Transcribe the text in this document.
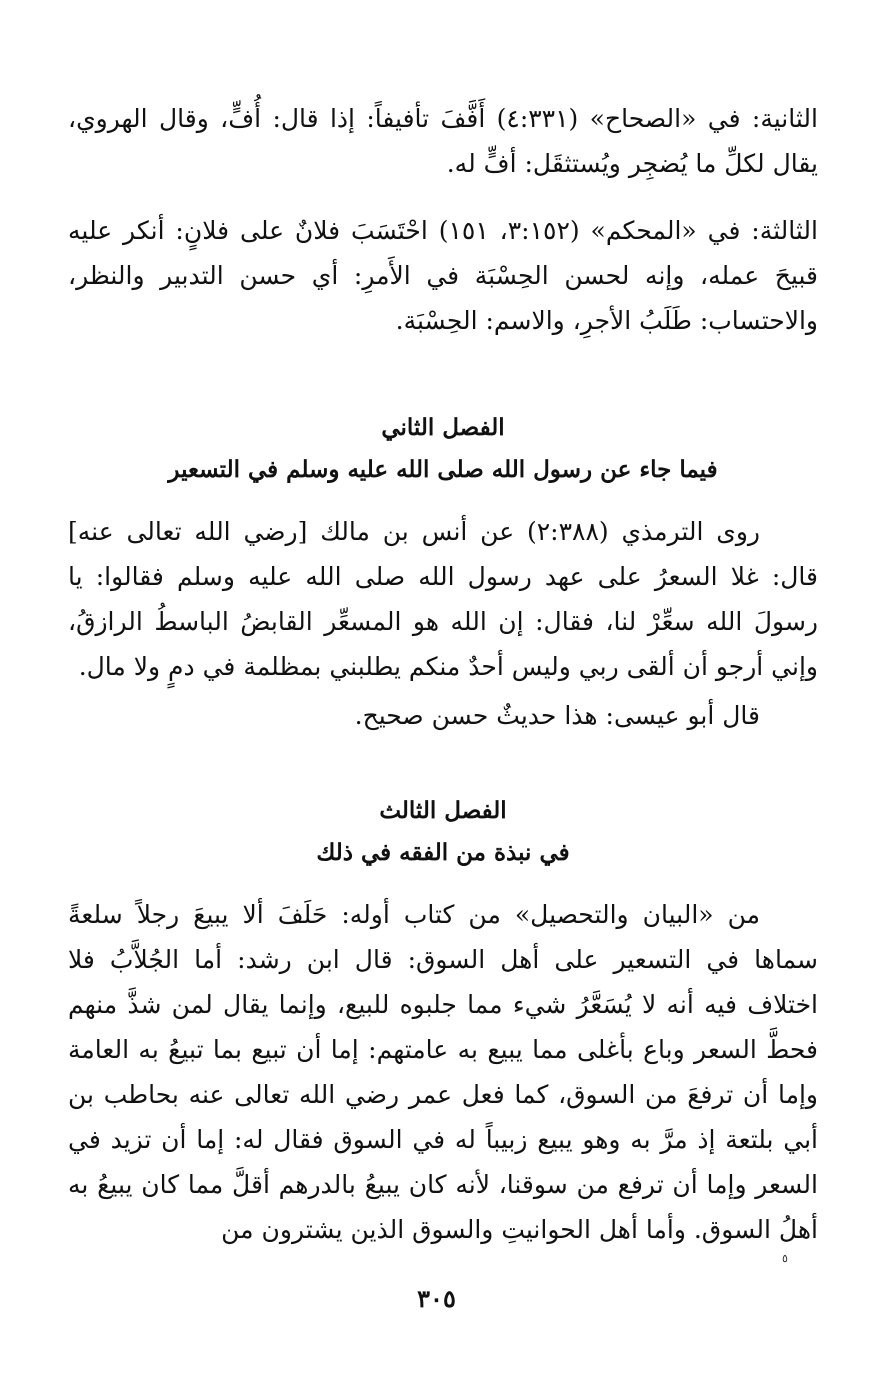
الثانية: في «الصحاح» (٤:٣٣١) أَفَّفَ تأفيفاً: إذا قال: أُفٍّ، وقال الهروي، يقال لكلِّ ما يُضجِر ويُستثقَل: أفٍّ له.

الثالثة: في «المحكم» (٣:١٥٢، ١٥١) احْتَسَبَ فلانٌ على فلانٍ: أنكر عليه قبيحَ عمله، وإنه لحسن الحِسْبَة في الأَمرِ: أي حسن التدبير والنظر، والاحتساب: طَلَبُ الأجرِ، والاسم: الحِسْبَة.

الفصل الثاني
فيما جاء عن رسول الله صلى الله عليه وسلم في التسعير

روى الترمذي (٢:٣٨٨) عن أنس بن مالك [رضي الله تعالى عنه] قال: غلا السعرُ على عهد رسول الله صلى الله عليه وسلم فقالوا: يا رسولَ الله سعِّرْ لنا، فقال: إن الله هو المسعِّر القابضُ الباسطُ الرازقُ، وإني أرجو أن ألقى ربي وليس أحدٌ منكم يطلبني بمظلمة في دمٍ ولا مال.

قال أبو عيسى: هذا حديثٌ حسن صحيح.

الفصل الثالث
في نبذة من الفقه في ذلك

من «البيان والتحصيل» من كتاب أوله: حَلَفَ ألا يبيعَ رجلاً سلعةً سماها في التسعير على أهل السوق: قال ابن رشد: أما الجُلاَّبُ فلا اختلاف فيه أنه لا يُسَعَّرُ شيء مما جلبوه للبيع، وإنما يقال لمن شذَّ منهم فحطَّ السعر وباع بأغلى مما يبيع به عامتهم: إما أن تبيع بما تبيعُ به العامة وإما أن ترفعَ من السوق، كما فعل عمر رضي الله تعالى عنه بحاطب بن أبي بلتعة إذ مرَّ به وهو يبيع زبيباً له في السوق فقال له: إما أن تزيد في السعر وإما أن ترفع من سوقنا، لأنه كان يبيعُ بالدرهم أقلَّ مما كان يبيعُ به أهلُ السوق. وأما أهل الحوانيتِ والسوق الذين يشترون من

٥
٣٠٥
